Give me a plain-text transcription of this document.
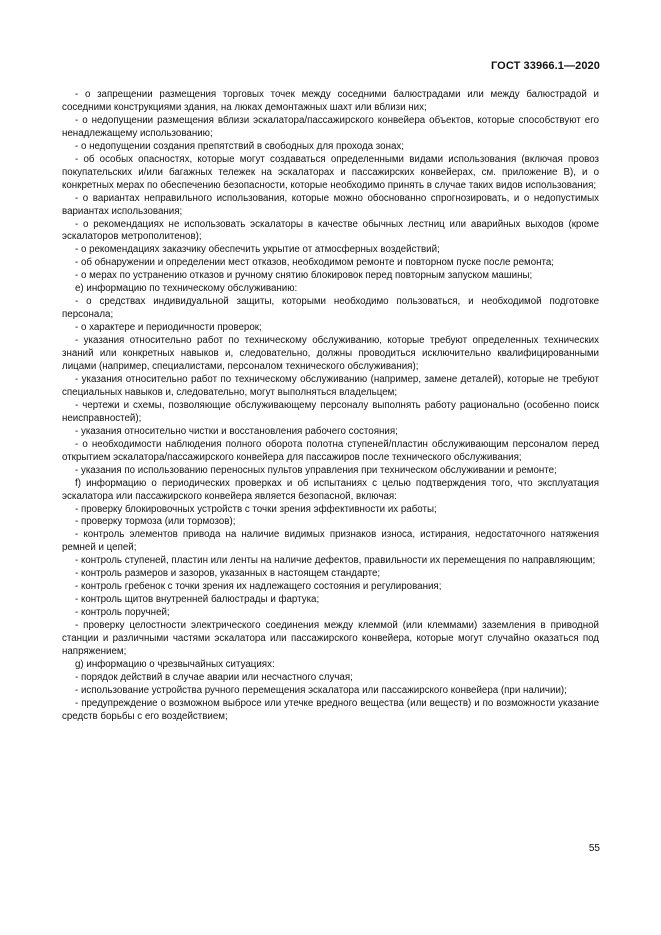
ГОСТ 33966.1—2020

- о запрещении размещения торговых точек между соседними балюстрадами или между балюстрадой и соседними конструкциями здания, на люках демонтажных шахт или вблизи них;

- о недопущении размещения вблизи эскалатора/пассажирского конвейера объектов, которые способствуют его ненадлежащему использованию;

- о недопущении создания препятствий в свободных для прохода зонах;

- об особых опасностях, которые могут создаваться определенными видами использования (включая провоз покупательских и/или багажных тележек на эскалаторах и пассажирских конвейерах, см. приложение В), и о конкретных мерах по обеспечению безопасности, которые необходимо принять в случае таких видов использования;

- о вариантах неправильного использования, которые можно обоснованно спрогнозировать, и о недопустимых вариантах использования;

- о рекомендациях не использовать эскалаторы в качестве обычных лестниц или аварийных выходов (кроме эскалаторов метрополитенов);

- о рекомендациях заказчику обеспечить укрытие от атмосферных воздействий;

- об обнаружении и определении мест отказов, необходимом ремонте и повторном пуске после ремонта;

- о мерах по устранению отказов и ручному снятию блокировок перед повторным запуском машины;

е) информацию по техническому обслуживанию:

- о средствах индивидуальной защиты, которыми необходимо пользоваться, и необходимой подготовке персонала;

- о характере и периодичности проверок;

- указания относительно работ по техническому обслуживанию, которые требуют определенных технических знаний или конкретных навыков и, следовательно, должны проводиться исключительно квалифицированными лицами (например, специалистами, персоналом технического обслуживания);

- указания относительно работ по техническому обслуживанию (например, замене деталей), которые не требуют специальных навыков и, следовательно, могут выполняться владельцем;

- чертежи и схемы, позволяющие обслуживающему персоналу выполнять работу рационально (особенно поиск неисправностей);

- указания относительно чистки и восстановления рабочего состояния;

- о необходимости наблюдения полного оборота полотна ступеней/пластин обслуживающим персоналом перед открытием эскалатора/пассажирского конвейера для пассажиров после технического обслуживания;

- указания по использованию переносных пультов управления при техническом обслуживании и ремонте;

f) информацию о периодических проверках и об испытаниях с целью подтверждения того, что эксплуатация эскалатора или пассажирского конвейера является безопасной, включая:

- проверку блокировочных устройств с точки зрения эффективности их работы;

- проверку тормоза (или тормозов);

- контроль элементов привода на наличие видимых признаков износа, истирания, недостаточного натяжения ремней и цепей;

- контроль ступеней, пластин или ленты на наличие дефектов, правильности их перемещения по направляющим;

- контроль размеров и зазоров, указанных в настоящем стандарте;

- контроль гребенок с точки зрения их надлежащего состояния и регулирования;

- контроль щитов внутренней балюстрады и фартука;

- контроль поручней;

- проверку целостности электрического соединения между клеммой (или клеммами) заземления в приводной станции и различными частями эскалатора или пассажирского конвейера, которые могут случайно оказаться под напряжением;

g) информацию о чрезвычайных ситуациях:

- порядок действий в случае аварии или несчастного случая;

- использование устройства ручного перемещения эскалатора или пассажирского конвейера (при наличии);

- предупреждение о возможном выбросе или утечке вредного вещества (или веществ) и по возможности указание средств борьбы с его воздействием;

55
